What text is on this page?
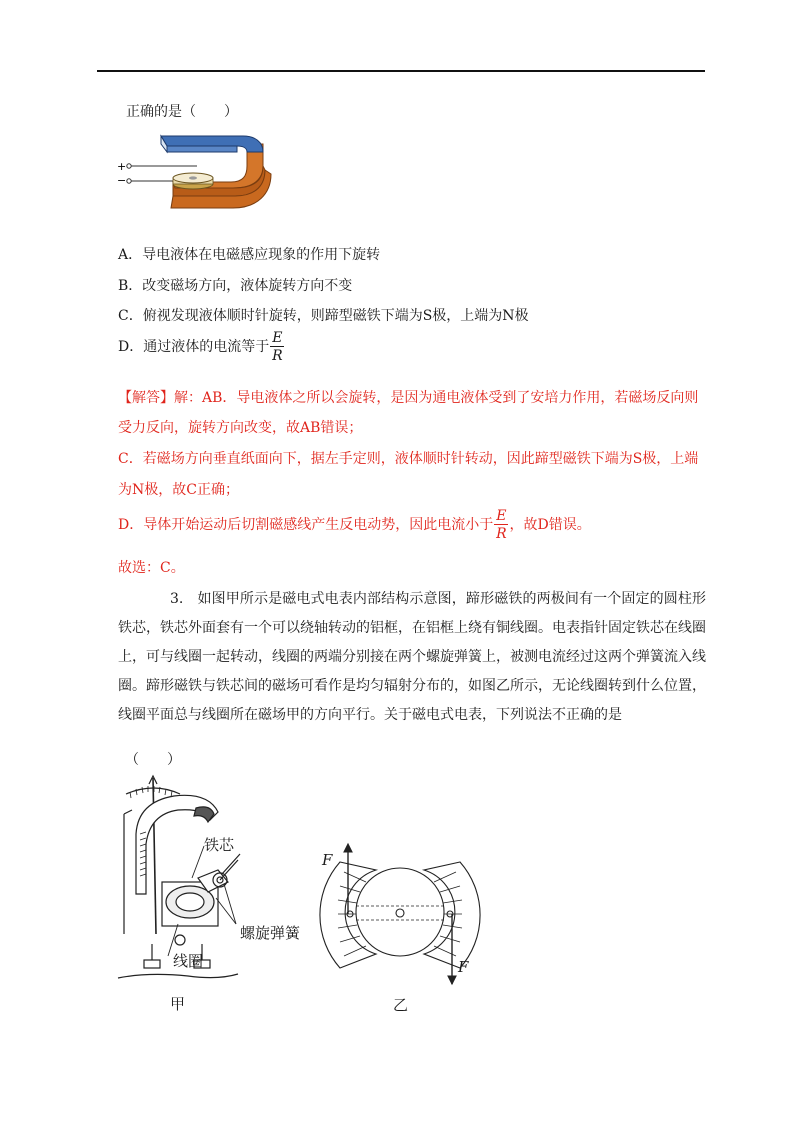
正确的是（　　）
+
−
A．导电液体在电磁感应现象的作用下旋转
B．改变磁场方向，液体旋转方向不变
C．俯视发现液体顺时针旋转，则蹄型磁铁下端为S极，上端为N极
D．通过液体的电流等于 $\frac{E}{R}$
【解答】解：AB．导电液体之所以会旋转，是因为通电液体受到了安培力作用，若磁场反向则
受力反向，旋转方向改变，故AB错误；
C．若磁场方向垂直纸面向下，据左手定则，液体顺时针转动，因此蹄型磁铁下端为S极，上端
为N极，故C正确；
D．导体开始运动后切割磁感线产生反电动势，因此电流小于 $\frac{E}{R}$ ，故D错误。
故选：C。
3.  如图甲所示是磁电式电表内部结构示意图，蹄形磁铁的两极间有一个固定的圆柱形铁芯，铁芯外面套有一个可以绕轴转动的铝框，在铝框上绕有铜线圈。电表指针固定铁芯在线圈上，可与线圈一起转动，线圈的两端分别接在两个螺旋弹簧上，被测电流经过这两个弹簧流入线圈。蹄形磁铁与铁芯间的磁场可看作是均匀辐射分布的，如图乙所示，无论线圈转到什么位置，线圈平面总与线圈所在磁场甲的方向平行。关于磁电式电表，下列说法不正确的是
（　　）
铁芯
螺旋弹簧
线圈
甲
F
F
乙
